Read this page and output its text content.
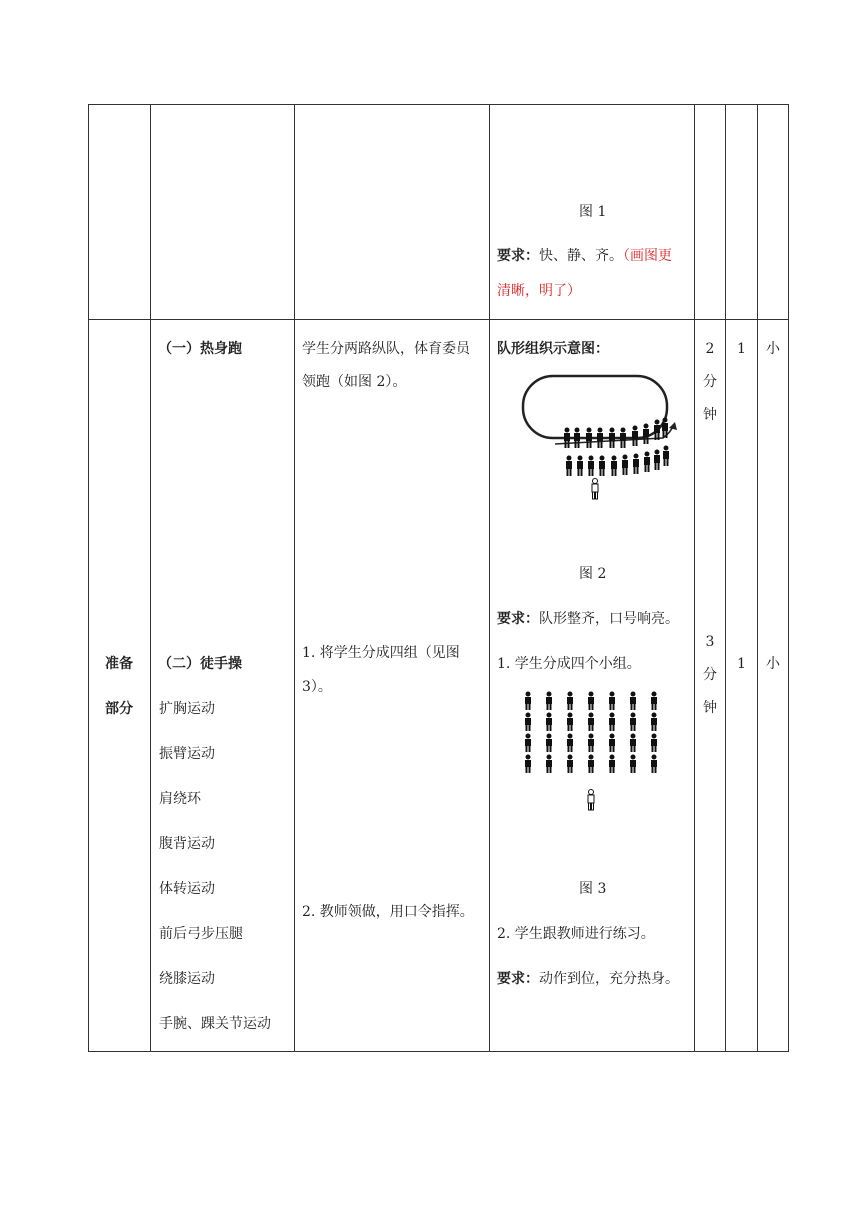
图 1
要求：快、静、齐。（画图更
清晰，明了）
准备
部分
（一）热身跑
（二）徒手操
扩胸运动
振臂运动
肩绕环
腹背运动
体转运动
前后弓步压腿
绕膝运动
手腕、踝关节运动
学生分两路纵队，体育委员
领跑（如图 2）。
1. 将学生分成四组（见图
3）。
2. 教师领做，用口令指挥。
队形组织示意图：
图 2
要求：队形整齐，口号响亮。
1. 学生分成四个小组。
图 3
2. 学生跟教师进行练习。
要求：动作到位，充分热身。
2
分
钟
3
分
钟
1
1
小
小
